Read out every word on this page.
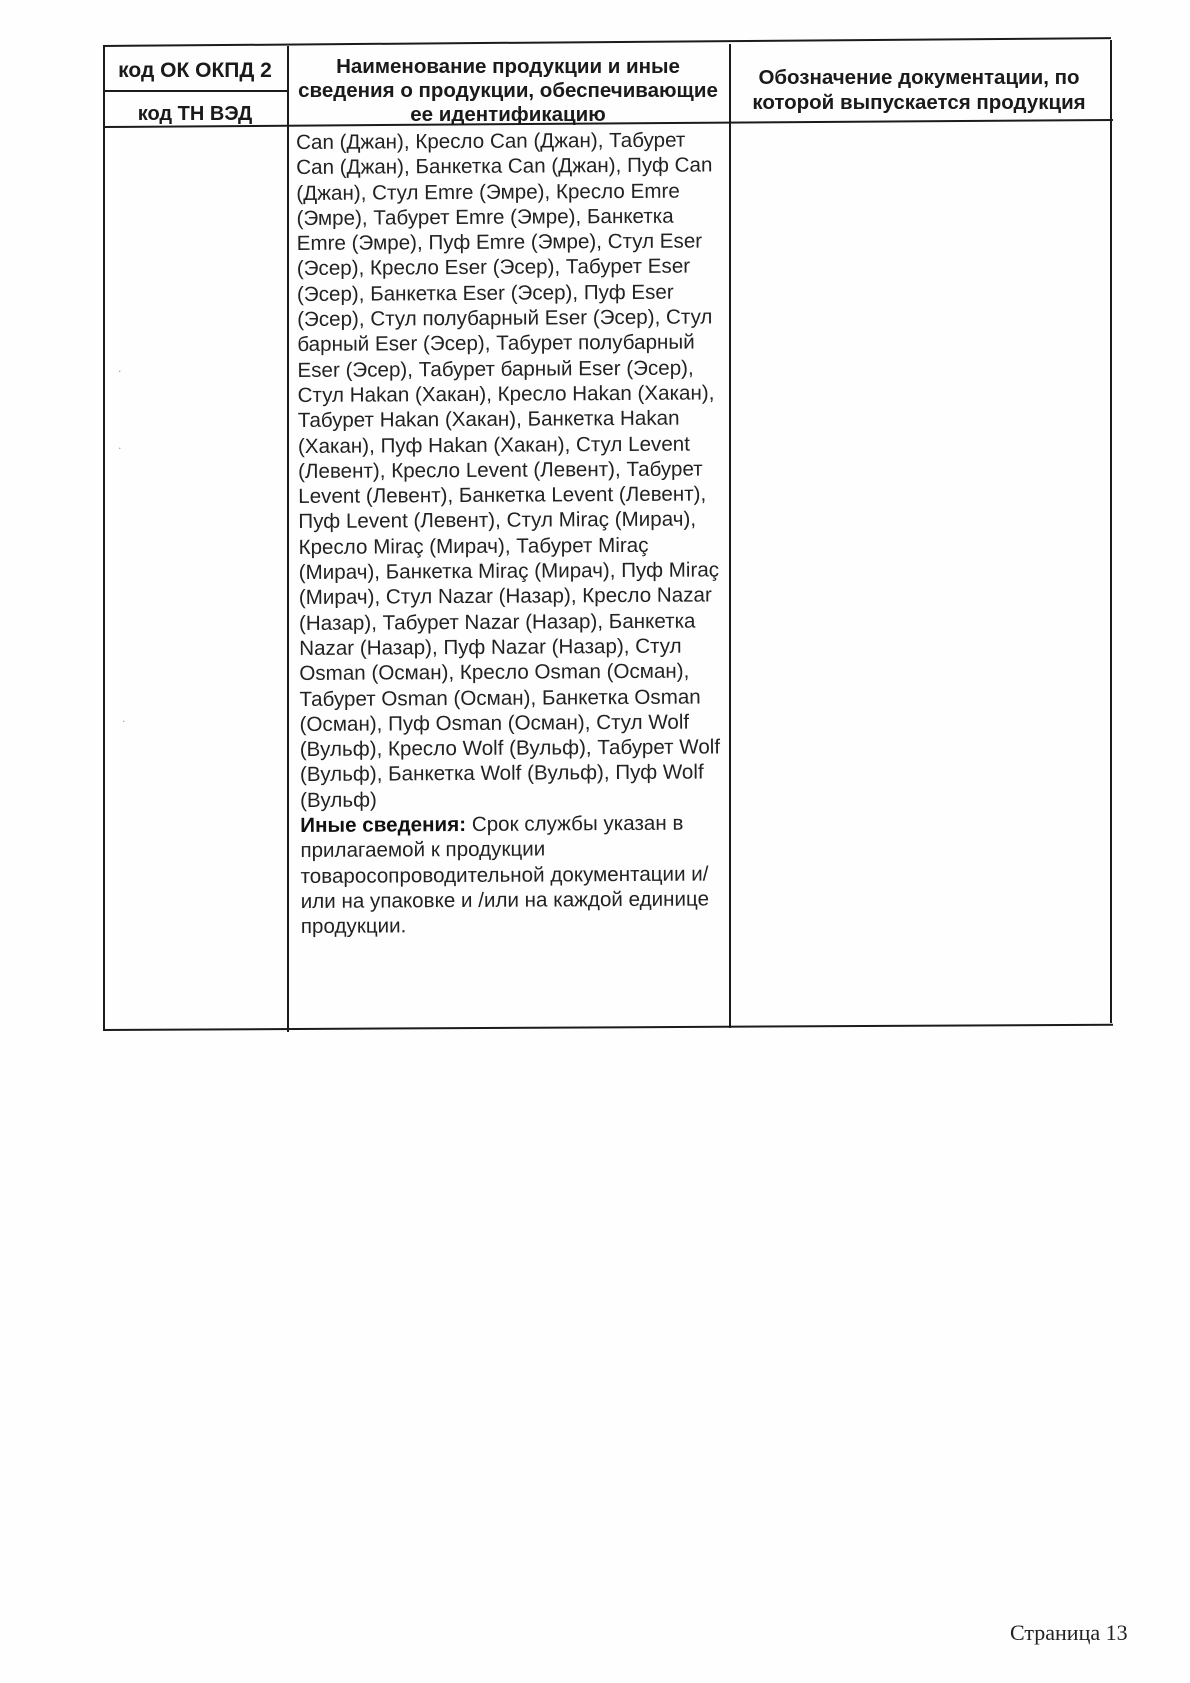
код ОК ОКПД 2
код ТН ВЭД
Наименование продукции и иные сведения о продукции, обеспечивающие ее идентификацию
Обозначение документации, по которой выпускается продукция

Can (Джан), Кресло Can (Джан), Табурет Can (Джан), Банкетка Can (Джан), Пуф Can (Джан), Стул Emre (Эмре), Кресло Emre (Эмре), Табурет Emre (Эмре), Банкетка Emre (Эмре), Пуф Emre (Эмре), Стул Eser (Эсер), Кресло Eser (Эсер), Табурет Eser (Эсер), Банкетка Eser (Эсер), Пуф Eser (Эсер), Стул полубарный Eser (Эсер), Стул барный Eser (Эсер), Табурет полубарный Eser (Эсер), Табурет барный Eser (Эсер), Стул Hakan (Хакан), Кресло Hakan (Хакан), Табурет Hakan (Хакан), Банкетка Hakan (Хакан), Пуф Hakan (Хакан), Стул Levent (Левент), Кресло Levent (Левент), Табурет Levent (Левент), Банкетка Levent (Левент), Пуф Levent (Левент), Стул Miraç (Мирач), Кресло Miraç (Мирач), Табурет Miraç (Мирач), Банкетка Miraç (Мирач), Пуф Miraç (Мирач), Стул Nazar (Назар), Кресло Nazar (Назар), Табурет Nazar (Назар), Банкетка Nazar (Назар), Пуф Nazar (Назар), Стул Osman (Осман), Кресло Osman (Осман), Табурет Osman (Осман), Банкетка Osman (Осман), Пуф Osman (Осман), Стул Wolf (Вульф), Кресло Wolf (Вульф), Табурет Wolf (Вульф), Банкетка Wolf (Вульф), Пуф Wolf (Вульф)

Иные сведения: Срок службы указан в прилагаемой к продукции товаросопроводительной документации и/или на упаковке и /или на каждой единице продукции.

·
·
·
Страница 13
